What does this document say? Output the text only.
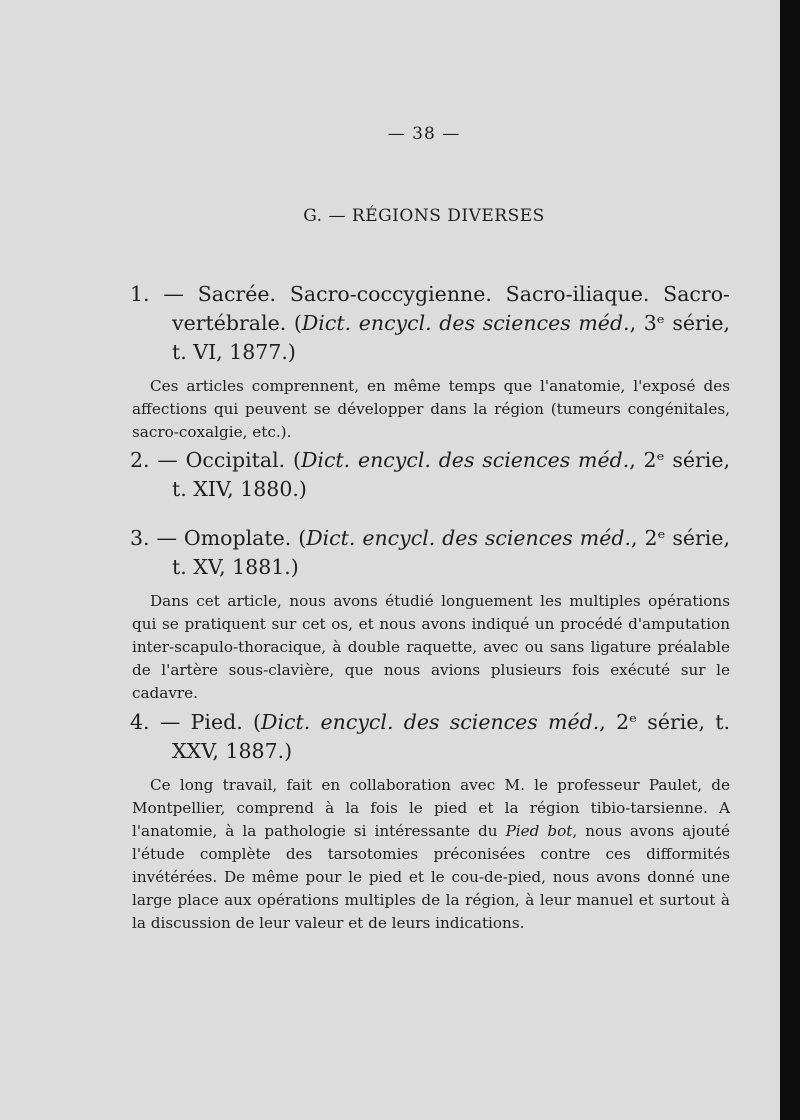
— 38 —
G. — RÉGIONS DIVERSES
1. — Sacrée. Sacro-coccygienne. Sacro-iliaque. Sacro-vertébrale. (Dict. encycl. des sciences méd., 3ᵉ série, t. VI, 1877.)
Ces articles comprennent, en même temps que l'anatomie, l'exposé des affections qui peuvent se développer dans la région (tumeurs congénitales, sacro-coxalgie, etc.).
2. — Occipital. (Dict. encycl. des sciences méd., 2ᵉ série, t. XIV, 1880.)
3. — Omoplate. (Dict. encycl. des sciences méd., 2ᵉ série, t. XV, 1881.)
Dans cet article, nous avons étudié longuement les multiples opérations qui se pratiquent sur cet os, et nous avons indiqué un procédé d'amputation inter-scapulo-thoracique, à double raquette, avec ou sans ligature préalable de l'artère sous-clavière, que nous avions plusieurs fois exécuté sur le cadavre.
4. — Pied. (Dict. encycl. des sciences méd., 2ᵉ série, t. XXV, 1887.)
Ce long travail, fait en collaboration avec M. le professeur Paulet, de Montpellier, comprend à la fois le pied et la région tibio-tarsienne. A l'anatomie, à la pathologie si intéressante du Pied bot, nous avons ajouté l'étude complète des tarsotomies préconisées contre ces difformités invétérées. De même pour le pied et le cou-de-pied, nous avons donné une large place aux opérations multiples de la région, à leur manuel et surtout à la discussion de leur valeur et de leurs indications.
